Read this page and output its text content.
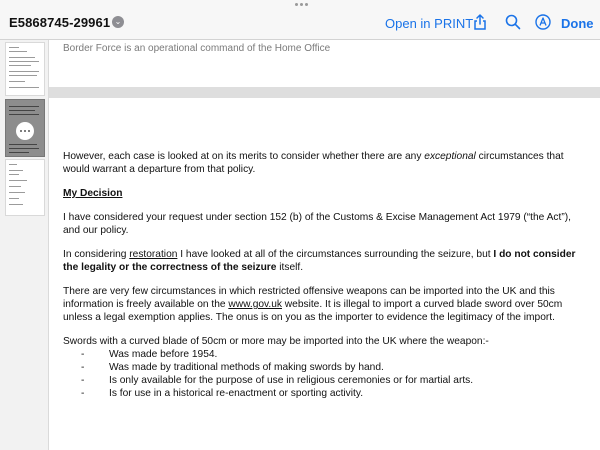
E5868745-29961 ⌄	Open in PRINT	Done
Border Force is an operational command of the Home Office

However, each case is looked at on its merits to consider whether there are any exceptional circumstances that would warrant a departure from that policy.

My Decision

I have considered your request under section 152 (b) of the Customs & Excise Management Act 1979 (“the Act”), and our policy.

In considering restoration I have looked at all of the circumstances surrounding the seizure, but I do not consider the legality or the correctness of the seizure itself.

There are very few circumstances in which restricted offensive weapons can be imported into the UK and this information is freely available on the www.gov.uk website. It is illegal to import a curved blade sword over 50cm unless a legal exemption applies. The onus is on you as the importer to evidence the legitimacy of the import.

Swords with a curved blade of 50cm or more may be imported into the UK where the weapon:-

- Was made before 1954.
- Was made by traditional methods of making swords by hand.
- Is only available for the purpose of use in religious ceremonies or for martial arts.
- Is for use in a historical re-enactment or sporting activity.
